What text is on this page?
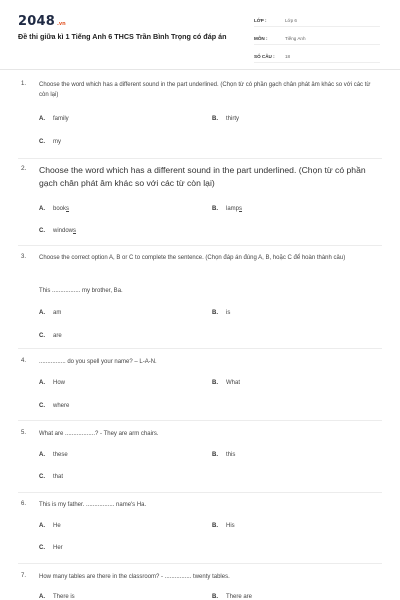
2048 .vn
Đề thi giữa kì 1 Tiếng Anh 6 THCS Trần Bình Trọng có đáp án
LỚP :	Lớp 6
MÔN :	Tiếng Anh
SỐ CÂU :	18
1. Choose the word which has a different sound in the part underlined. (Chọn từ có phần gạch chân phát âm khác so với các từ còn lại)
A.	family	B.	thirty
C.	my
2. Choose the word which has a different sound in the part underlined. (Chọn từ có phần gạch chân phát âm khác so với các từ còn lại)
A.	books	B.	lamps
C.	windows
3. Choose the correct option A, B or C to complete the sentence. (Chọn đáp án đúng A, B, hoặc C để hoàn thành câu)
This ................. my brother, Ba.
A.	am	B.	is
C.	are
4. ................ do you spell your name? – L-A-N.
A.	How	B.	What
C.	where
5. What are ..................? - They are arm chairs.
A.	these	B.	this
C.	that
6. This is my father. ................. name's Ha.
A.	He	B.	His
C.	Her
7. How many tables are there in the classroom? - ................ twenty tables.
A.	There is	B.	There are
